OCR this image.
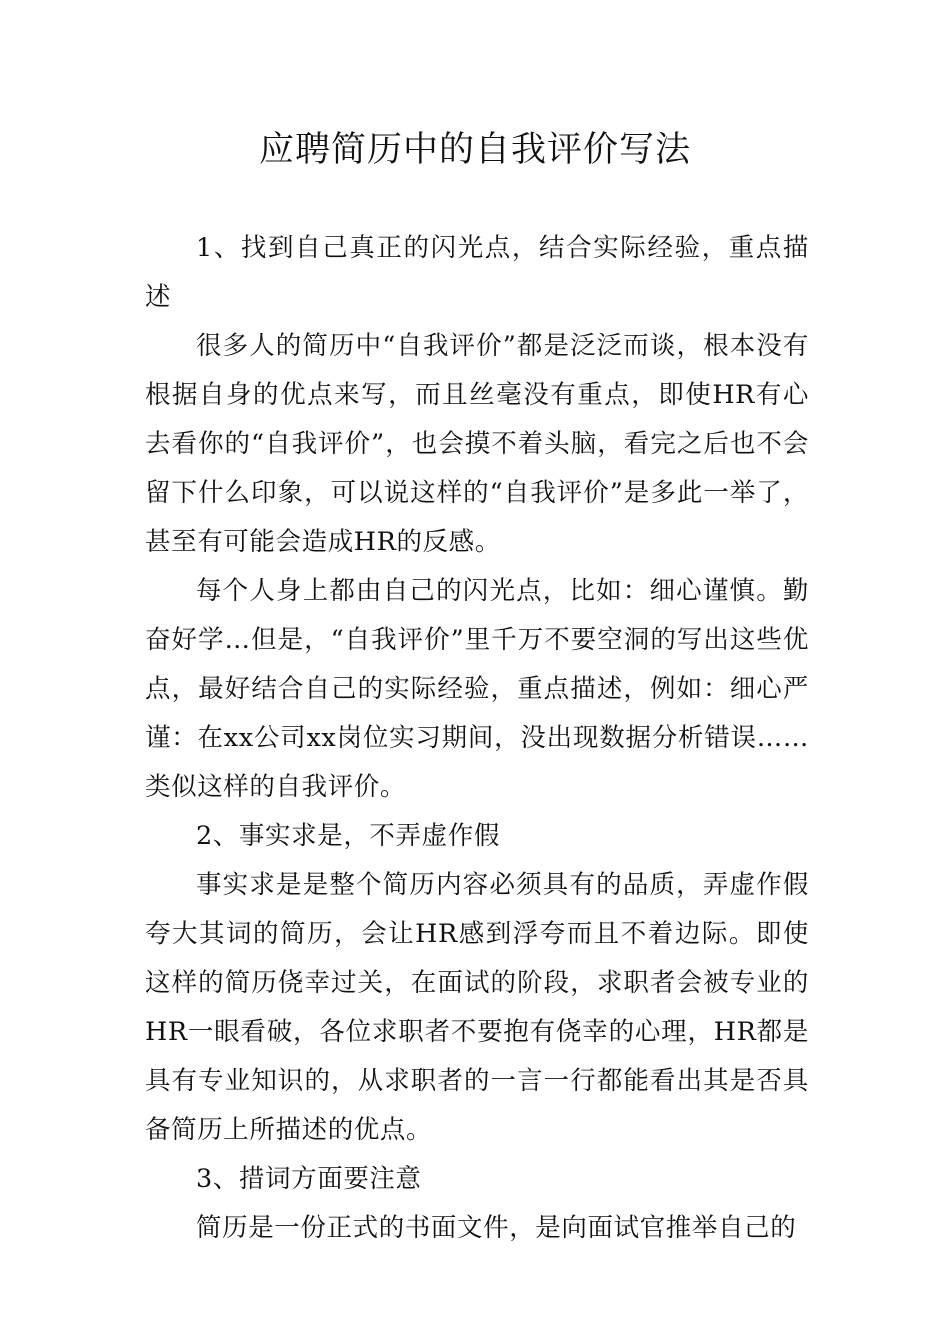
应聘简历中的自我评价写法

1、找到自己真正的闪光点，结合实际经验，重点描述

很多人的简历中“自我评价”都是泛泛而谈，根本没有根据自身的优点来写，而且丝毫没有重点，即使HR有心去看你的“自我评价”，也会摸不着头脑，看完之后也不会留下什么印象，可以说这样的“自我评价”是多此一举了，甚至有可能会造成HR的反感。

每个人身上都由自己的闪光点，比如：细心谨慎。勤奋好学…但是，“自我评价”里千万不要空洞的写出这些优点，最好结合自己的实际经验，重点描述，例如：细心严谨：在xx公司xx岗位实习期间，没出现数据分析错误……类似这样的自我评价。

2、事实求是，不弄虚作假

事实求是是整个简历内容必须具有的品质，弄虚作假夸大其词的简历，会让HR感到浮夸而且不着边际。即使这样的简历侥幸过关，在面试的阶段，求职者会被专业的HR一眼看破，各位求职者不要抱有侥幸的心理，HR都是具有专业知识的，从求职者的一言一行都能看出其是否具备简历上所描述的优点。

3、措词方面要注意

简历是一份正式的书面文件，是向面试官推举自己的
